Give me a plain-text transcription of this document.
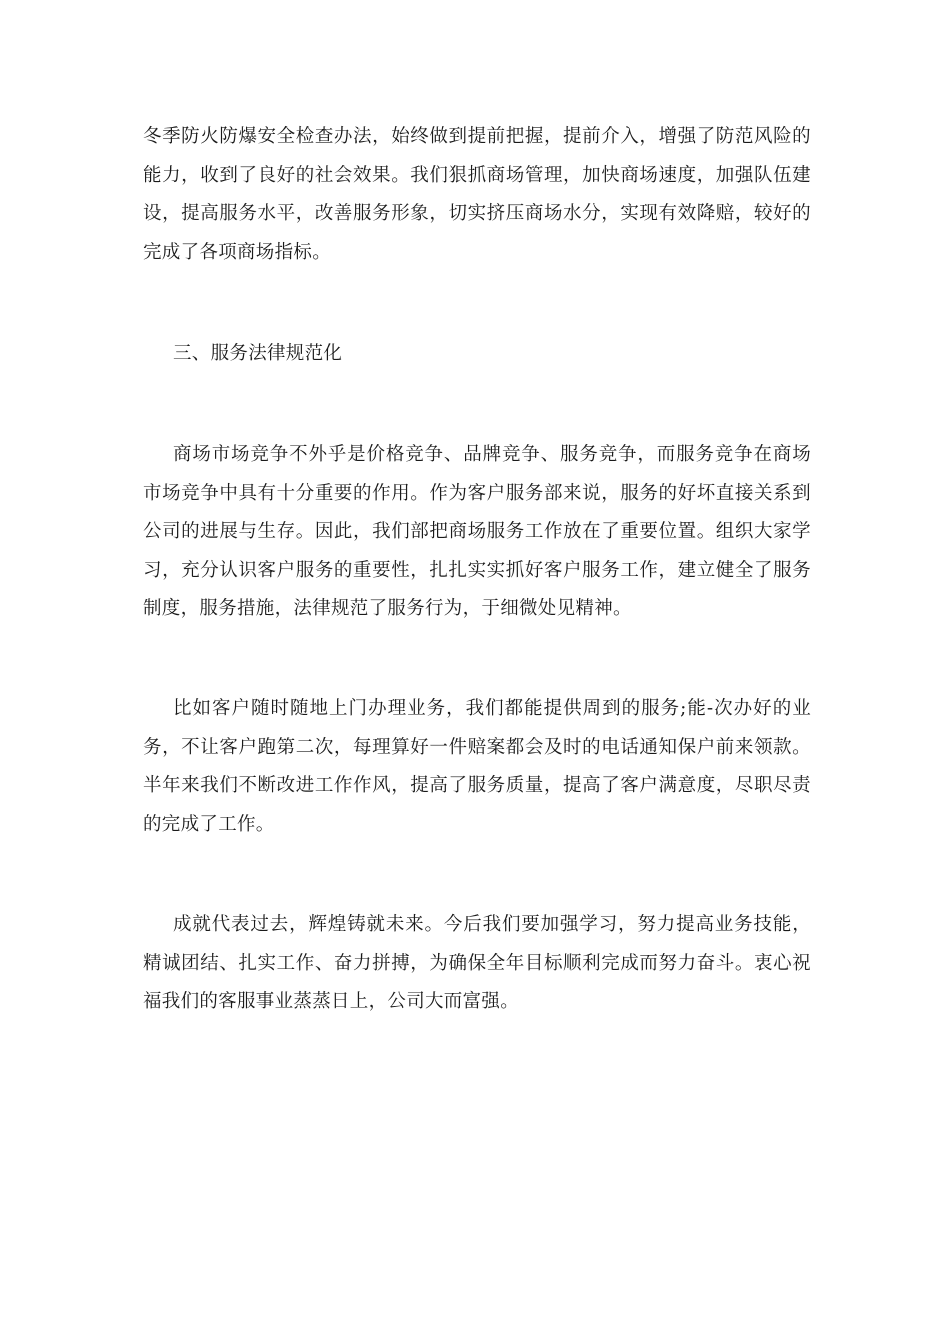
冬季防火防爆安全检查办法，始终做到提前把握，提前介入，增强了防范风险的能力，收到了良好的社会效果。我们狠抓商场管理，加快商场速度，加强队伍建设，提高服务水平，改善服务形象，切实挤压商场水分，实现有效降赔，较好的完成了各项商场指标。

三、服务法律规范化

商场市场竞争不外乎是价格竞争、品牌竞争、服务竞争，而服务竞争在商场市场竞争中具有十分重要的作用。作为客户服务部来说，服务的好坏直接关系到公司的进展与生存。因此，我们部把商场服务工作放在了重要位置。组织大家学习，充分认识客户服务的重要性，扎扎实实抓好客户服务工作，建立健全了服务制度，服务措施，法律规范了服务行为，于细微处见精神。

比如客户随时随地上门办理业务，我们都能提供周到的服务;能-次办好的业务，不让客户跑第二次，每理算好一件赔案都会及时的电话通知保户前来领款。半年来我们不断改进工作作风，提高了服务质量，提高了客户满意度，尽职尽责的完成了工作。

成就代表过去，辉煌铸就未来。今后我们要加强学习，努力提高业务技能，精诚团结、扎实工作、奋力拼搏，为确保全年目标顺利完成而努力奋斗。衷心祝福我们的客服事业蒸蒸日上，公司大而富强。
